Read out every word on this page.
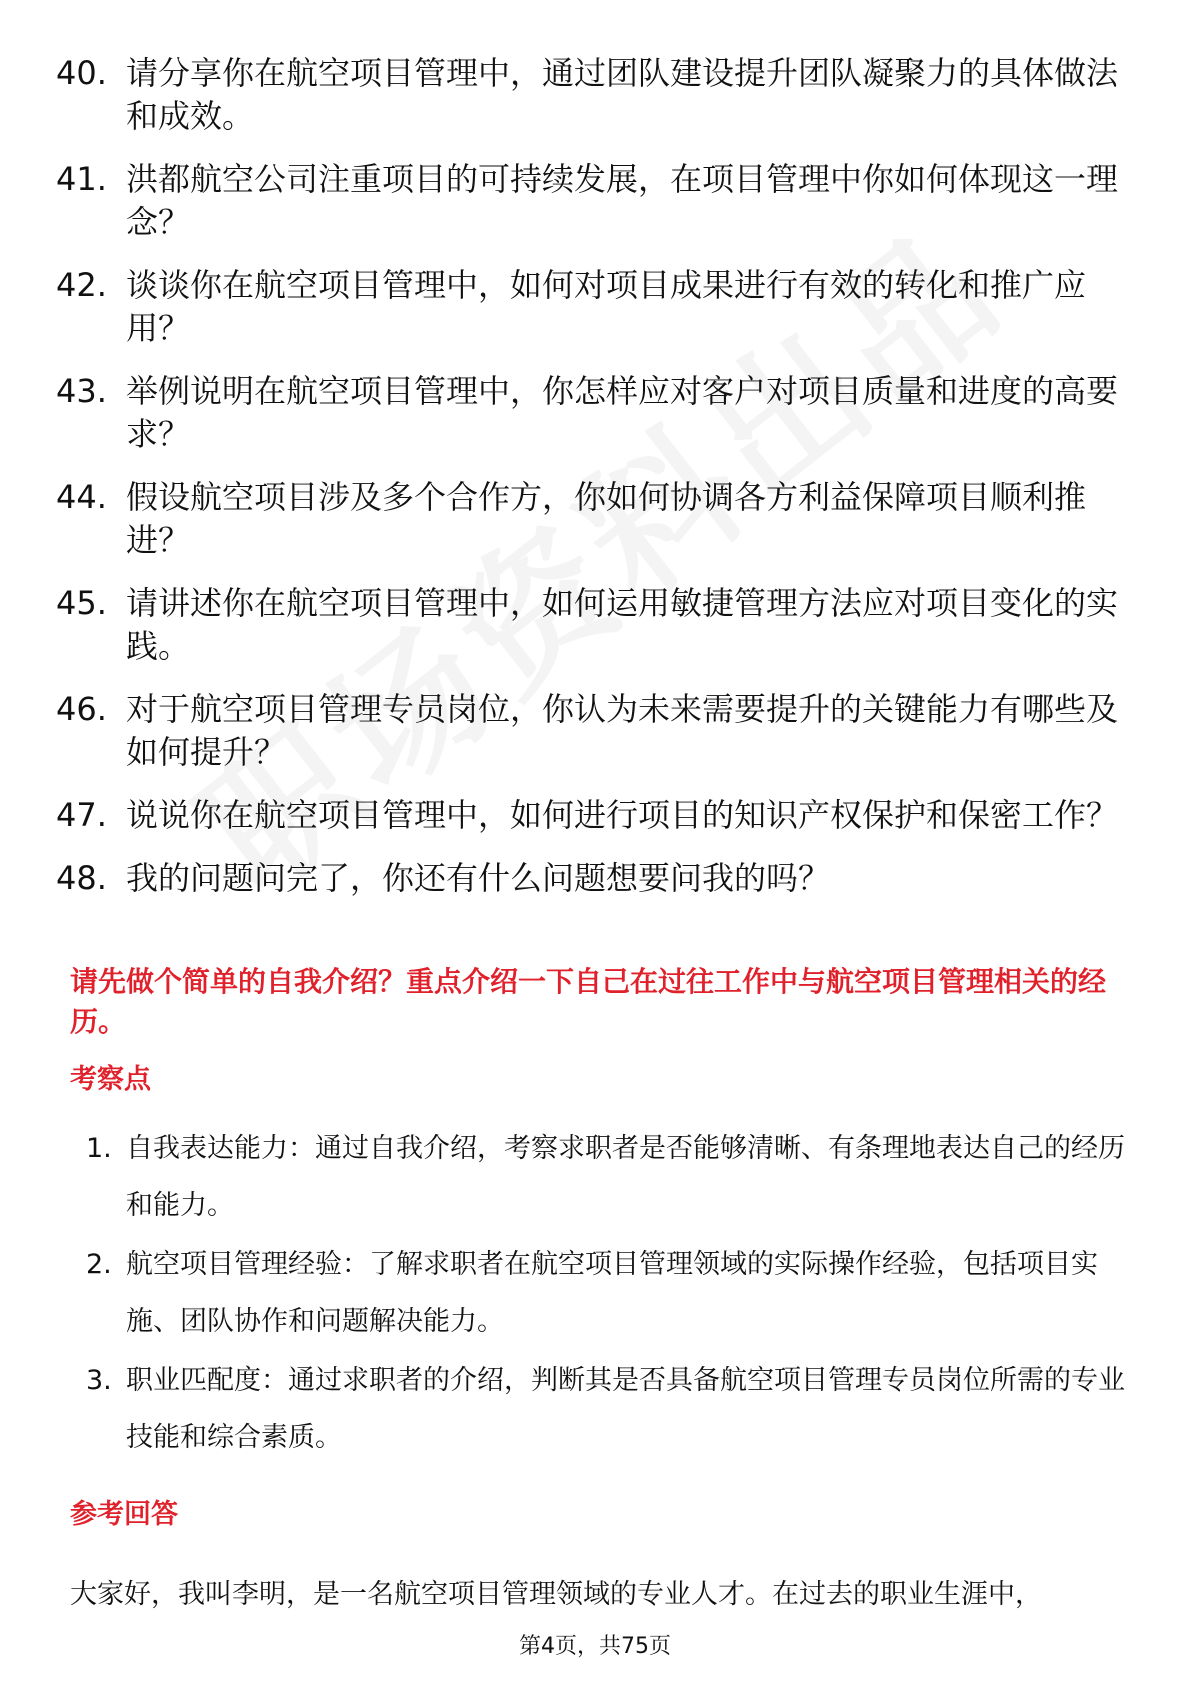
40. 请分享你在航空项目管理中，通过团队建设提升团队凝聚力的具体做法和成效。
41. 洪都航空公司注重项目的可持续发展，在项目管理中你如何体现这一理念？
42. 谈谈你在航空项目管理中，如何对项目成果进行有效的转化和推广应用？
43. 举例说明在航空项目管理中，你怎样应对客户对项目质量和进度的高要求？
44. 假设航空项目涉及多个合作方，你如何协调各方利益保障项目顺利推进？
45. 请讲述你在航空项目管理中，如何运用敏捷管理方法应对项目变化的实践。
46. 对于航空项目管理专员岗位，你认为未来需要提升的关键能力有哪些及如何提升？
47. 说说你在航空项目管理中，如何进行项目的知识产权保护和保密工作？
48. 我的问题问完了，你还有什么问题想要问我的吗？
请先做个简单的自我介绍？重点介绍一下自己在过往工作中与航空项目管理相关的经历。
考察点
1. 自我表达能力：通过自我介绍，考察求职者是否能够清晰、有条理地表达自己的经历和能力。
2. 航空项目管理经验：了解求职者在航空项目管理领域的实际操作经验，包括项目实施、团队协作和问题解决能力。
3. 职业匹配度：通过求职者的介绍，判断其是否具备航空项目管理专员岗位所需的专业技能和综合素质。
参考回答
大家好，我叫李明，是一名航空项目管理领域的专业人才。在过去的职业生涯中，
第4页，共75页
